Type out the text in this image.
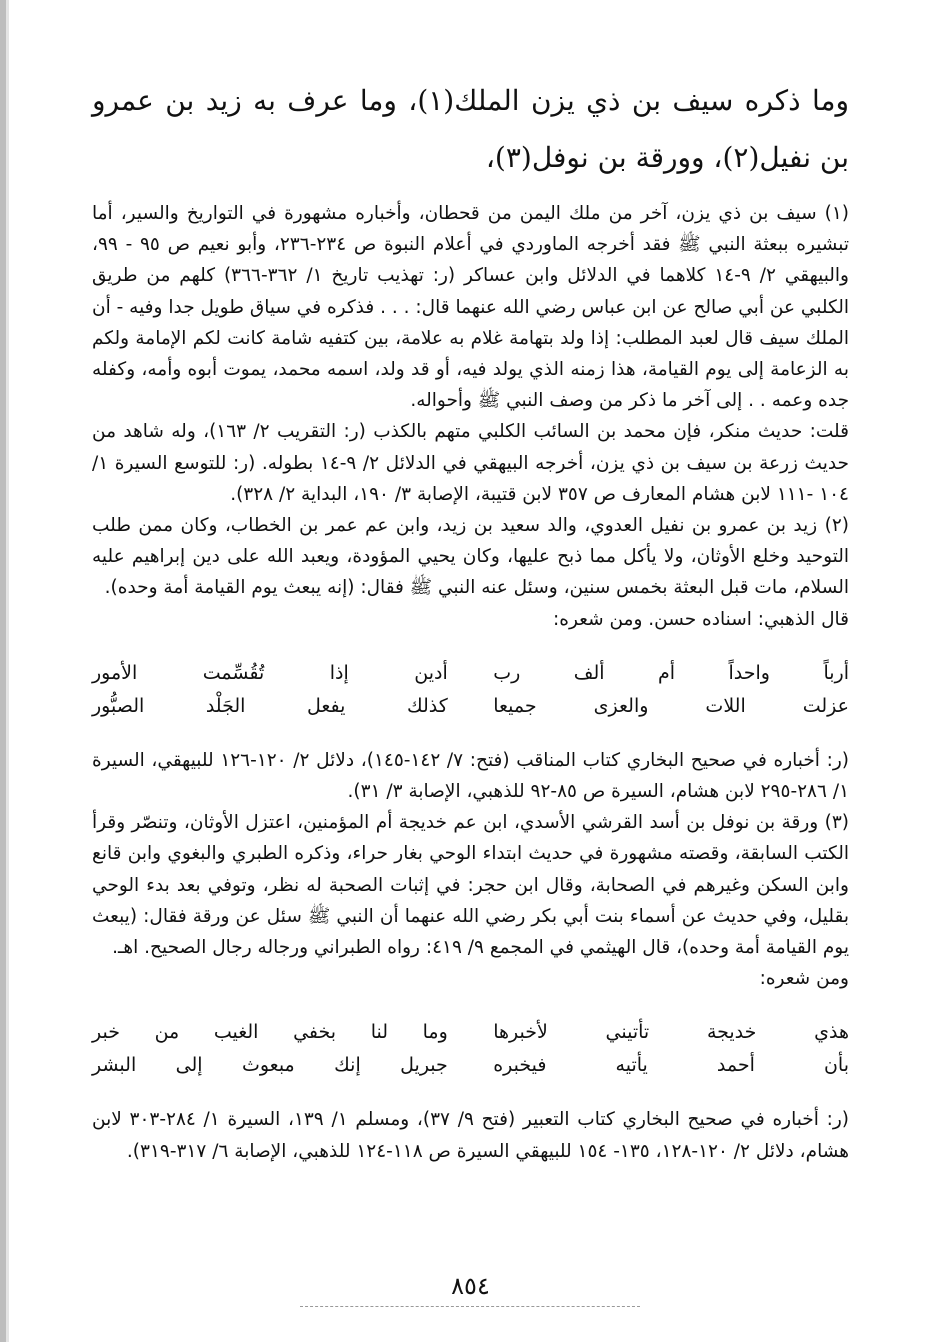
وما ذكره سيف بن ذي يزن الملك(١)، وما عرف به زيد بن عمرو بن نفيل(٢)، وورقة بن نوفل(٣)،

(١) سيف بن ذي يزن، آخر من ملك اليمن من قحطان، وأخباره مشهورة في التواريخ والسير، أما تبشيره ببعثة النبي ﷺ فقد أخرجه الماوردي في أعلام النبوة ص ٢٣٤-٢٣٦، وأبو نعيم ص ٩٥ - ٩٩، والبيهقي ٢/ ٩-١٤ كلاهما في الدلائل وابن عساكر (ر: تهذيب تاريخ ١/ ٣٦٢-٣٦٦) كلهم من طريق الكلبي عن أبي صالح عن ابن عباس رضي الله عنهما قال: . . . فذكره في سياق طويل جدا وفيه - أن الملك سيف قال لعبد المطلب: إذا ولد بتهامة غلام به علامة، بين كتفيه شامة كانت لكم الإمامة ولكم به الزعامة إلى يوم القيامة، هذا زمنه الذي يولد فيه، أو قد ولد، اسمه محمد، يموت أبوه وأمه، وكفله جده وعمه . . إلى آخر ما ذكر من وصف النبي ﷺ وأحواله.

قلت: حديث منكر، فإن محمد بن السائب الكلبي متهم بالكذب (ر: التقريب ٢/ ١٦٣)، وله شاهد من حديث زرعة بن سيف بن ذي يزن، أخرجه البيهقي في الدلائل ٢/ ٩-١٤ بطوله. (ر: للتوسع السيرة ١/ ١٠٤ -١١١ لابن هشام المعارف ص ٣٥٧ لابن قتيبة، الإصابة ٣/ ١٩٠، البداية ٢/ ٣٢٨).

(٢) زيد بن عمرو بن نفيل العدوي، والد سعيد بن زيد، وابن عم عمر بن الخطاب، وكان ممن طلب التوحيد وخلع الأوثان، ولا يأكل مما ذبح عليها، وكان يحيي المؤودة، ويعبد الله على دين إبراهيم عليه السلام، مات قبل البعثة بخمس سنين، وسئل عنه النبي ﷺ فقال: (إنه يبعث يوم القيامة أمة وحده).

قال الذهبي: اسناده حسن. ومن شعره:

أرباً واحداً أم ألف رب
أدين إذا تُقُسِّمت الأمور
عزلت اللات والعزى جميعا
كذلك يفعل الجَلْد الصبُّور

(ر: أخباره في صحيح البخاري كتاب المناقب (فتح: ٧/ ١٤٢-١٤٥)، دلائل ٢/ ١٢٠-١٢٦ للبيهقي، السيرة ١/ ٢٨٦-٢٩٥ لابن هشام، السيرة ص ٨٥-٩٢ للذهبي، الإصابة ٣/ ٣١).

(٣) ورقة بن نوفل بن أسد القرشي الأسدي، ابن عم خديجة أم المؤمنين، اعتزل الأوثان، وتنصّر وقرأ الكتب السابقة، وقصته مشهورة في حديث ابتداء الوحي بغار حراء، وذكره الطبري والبغوي وابن قانع وابن السكن وغيرهم في الصحابة، وقال ابن حجر: في إثبات الصحبة له نظر، وتوفي بعد بدء الوحي بقليل، وفي حديث عن أسماء بنت أبي بكر رضي الله عنهما أن النبي ﷺ سئل عن ورقة فقال: (يبعث يوم القيامة أمة وحده)، قال الهيثمي في المجمع ٩/ ٤١٩: رواه الطبراني ورجاله رجال الصحيح. اهـ.

ومن شعره:

هذي خديجة تأتيني لأخبرها
وما لنا بخفي الغيب من خبر
بأن أحمد يأتيه فيخبره
جبريل إنك مبعوث إلى البشر

(ر: أخباره في صحيح البخاري كتاب التعبير (فتح ٩/ ٣٧)، ومسلم ١/ ١٣٩، السيرة ١/ ٢٨٤-٣٠٣ لابن هشام، دلائل ٢/ ١٢٠-١٢٨، ١٣٥- ١٥٤ للبيهقي السيرة ص ١١٨-١٢٤ للذهبي، الإصابة ٦/ ٣١٧-٣١٩).

٨٥٤
